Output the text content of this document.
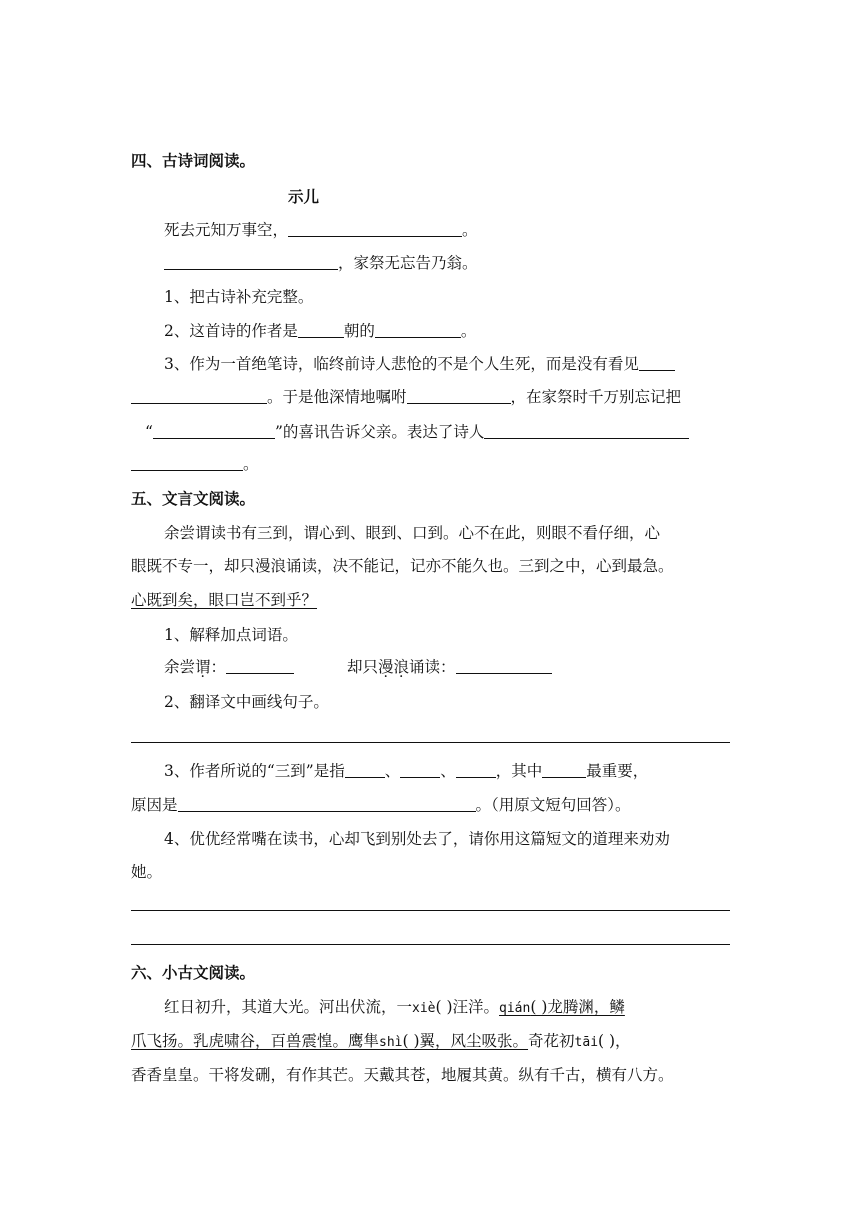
四、古诗词阅读。
示儿
死去元知万事空，	。
，家祭无忘告乃翁。
1、把古诗补充完整。
2、这首诗的作者是	朝的	。
3、作为一首绝笔诗，临终前诗人悲怆的不是个人生死，而是没有看见
。于是他深情地嘱咐	，在家祭时千万别忘记把
“	”的喜讯告诉父亲。表达了诗人
。
五、文言文阅读。
余尝谓读书有三到，谓心到、眼到、口到。心不在此，则眼不看仔细，心
眼既不专一，却只漫浪诵读，决不能记，记亦不能久也。三到之中，心到最急。
心既到矣，眼口岂不到乎？
1、解释加点词语。
余尝谓：	却只漫浪诵读：
2、翻译文中画线句子。
3、作者所说的“三到”是指	、	、	，其中	最重要，
原因是	。（用原文短句回答）。
4、优优经常嘴在读书，心却飞到别处去了，请你用这篇短文的道理来劝劝
她。
六、小古文阅读。
红日初升，其道大光。河出伏流，一xiè( )汪洋。qián( )龙腾渊，鳞
爪飞扬。乳虎啸谷，百兽震惶。鹰隼shì( )翼，风尘吸张。奇花初tāi( )，
香香皇皇。干将发硎，有作其芒。天戴其苍，地履其黄。纵有千古，横有八方。
